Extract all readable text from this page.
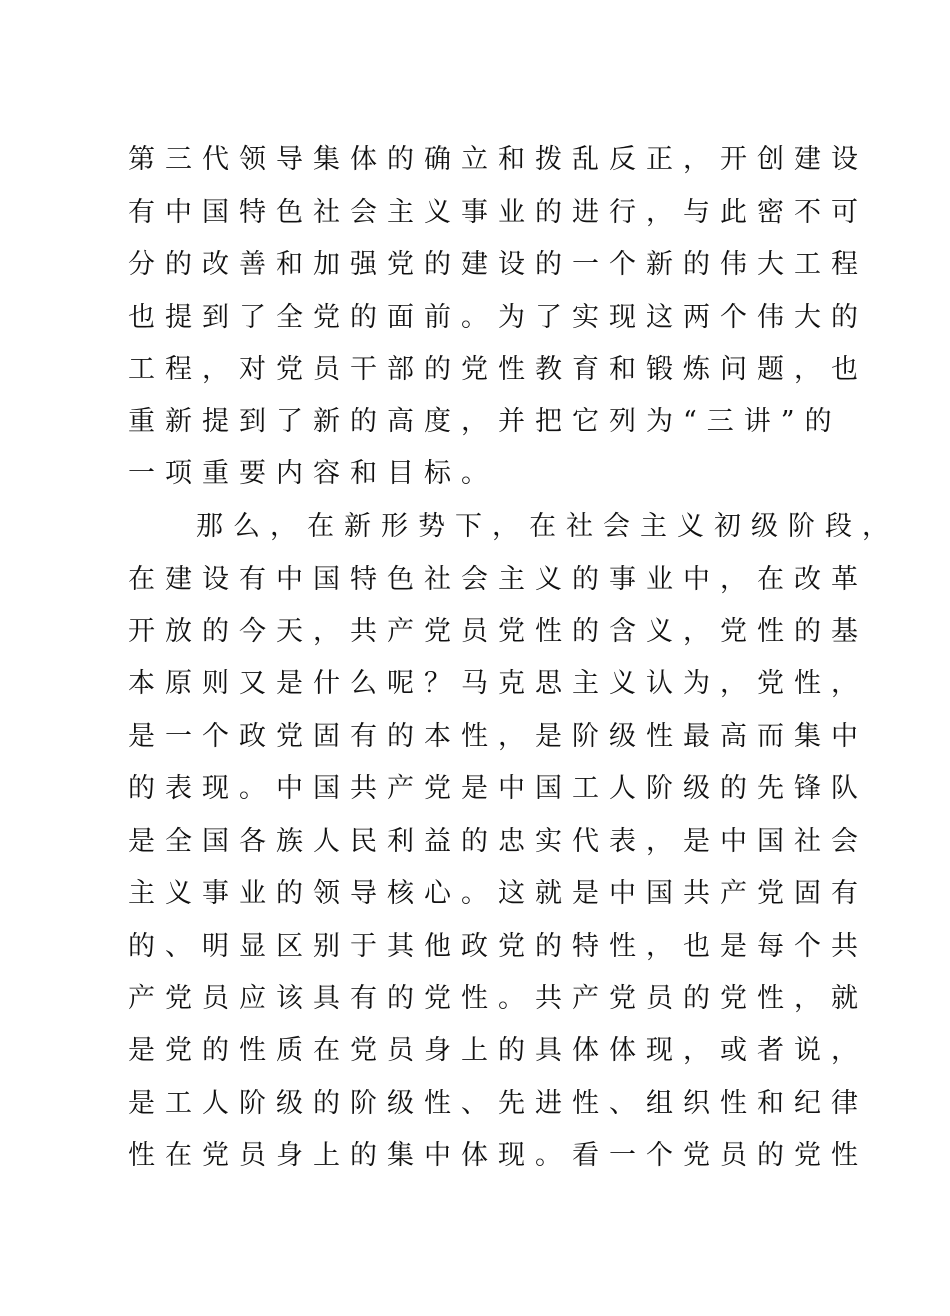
第三代领导集体的确立和拨乱反正，开创建设
有中国特色社会主义事业的进行，与此密不可
分的改善和加强党的建设的一个新的伟大工程
也提到了全党的面前。为了实现这两个伟大的
工程，对党员干部的党性教育和锻炼问题，也
重新提到了新的高度，并把它列为“三讲”的
一项重要内容和目标。
那么，在新形势下，在社会主义初级阶段，
在建设有中国特色社会主义的事业中，在改革
开放的今天，共产党员党性的含义，党性的基
本原则又是什么呢？马克思主义认为，党性，
是一个政党固有的本性，是阶级性最高而集中
的表现。中国共产党是中国工人阶级的先锋队
是全国各族人民利益的忠实代表，是中国社会
主义事业的领导核心。这就是中国共产党固有
的、明显区别于其他政党的特性，也是每个共
产党员应该具有的党性。共产党员的党性，就
是党的性质在党员身上的具体体现，或者说，
是工人阶级的阶级性、先进性、组织性和纪律
性在党员身上的集中体现。看一个党员的党性
